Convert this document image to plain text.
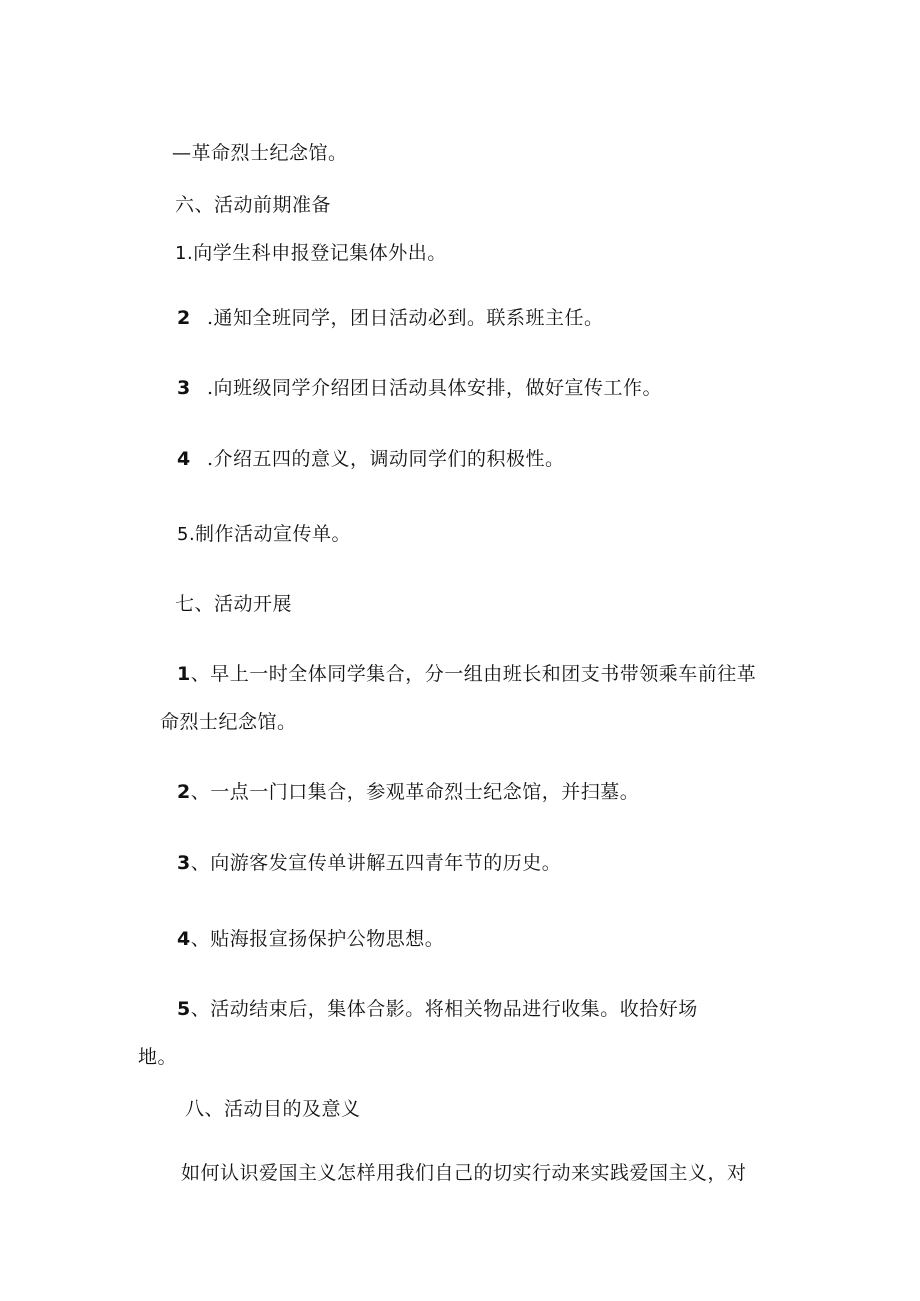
—革命烈士纪念馆。
六、活动前期准备
1.向学生科申报登记集体外出。
2 .通知全班同学，团日活动必到。联系班主任。
3 .向班级同学介绍团日活动具体安排，做好宣传工作。
4 .介绍五四的意义，调动同学们的积极性。
5.制作活动宣传单。
七、活动开展
1、早上一时全体同学集合，分一组由班长和团支书带领乘车前往革
命烈士纪念馆。
2、一点一门口集合，参观革命烈士纪念馆，并扫墓。
3、向游客发宣传单讲解五四青年节的历史。
4、贴海报宣扬保护公物思想。
5、活动结束后，集体合影。将相关物品进行收集。收拾好场
地。
八、活动目的及意义
如何认识爱国主义怎样用我们自己的切实行动来实践爱国主义，对
